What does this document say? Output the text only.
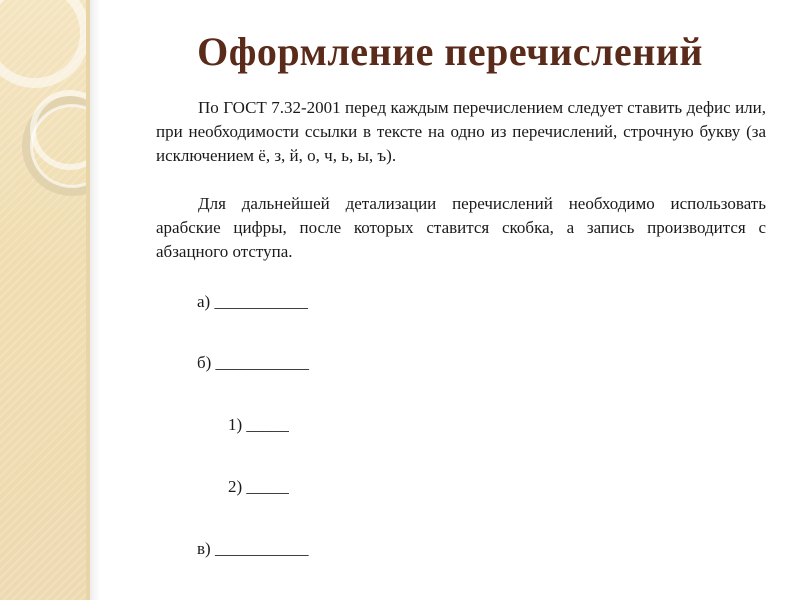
Оформление перечислений

По ГОСТ 7.32-2001 перед каждым перечислением следует ставить дефис или, при необходимости ссылки в тексте на одно из перечислений, строчную букву (за исключением ё, з, й, о, ч, ь, ы, ъ).

Для дальнейшей детализации перечислений необходимо использовать арабские цифры, после которых ставится скобка, а запись производится с абзацного отступа.

а) ___________
б) ___________
1) _____
2) _____
в) ___________
